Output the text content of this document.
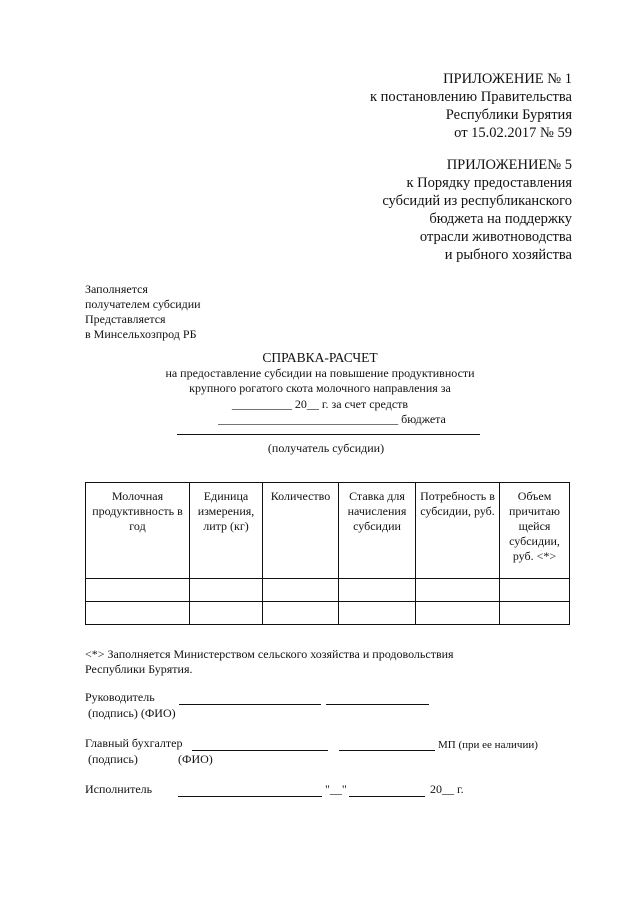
ПРИЛОЖЕНИЕ № 1
к постановлению Правительства
Республики Бурятия
от 15.02.2017 № 59
ПРИЛОЖЕНИЕ№ 5
к Порядку предоставления
субсидий из республиканского
бюджета на поддержку
отрасли животноводства
и рыбного хозяйства
Заполняется
получателем субсидии
Представляется
в Минсельхозпрод РБ
СПРАВКА-РАСЧЕТ
на предоставление субсидии на повышение продуктивности
крупного рогатого скота молочного направления за
__________ 20__ г. за счет средств
______________________________ бюджета
(получатель субсидии)
Молочная продуктивность в год	Единица измерения, литр (кг)	Количество	Ставка для начисления субсидии	Потребность в субсидии, руб.	Объем причитаю щейся субсидии, руб. <*>

<*> Заполняется Министерством сельского хозяйства и продовольствия
Республики Бурятия.
Руководитель
(подпись) (ФИО)
Главный бухгалтер	МП (при ее наличии)
(подпись)	(ФИО)
Исполнитель	"__"	20__ г.
